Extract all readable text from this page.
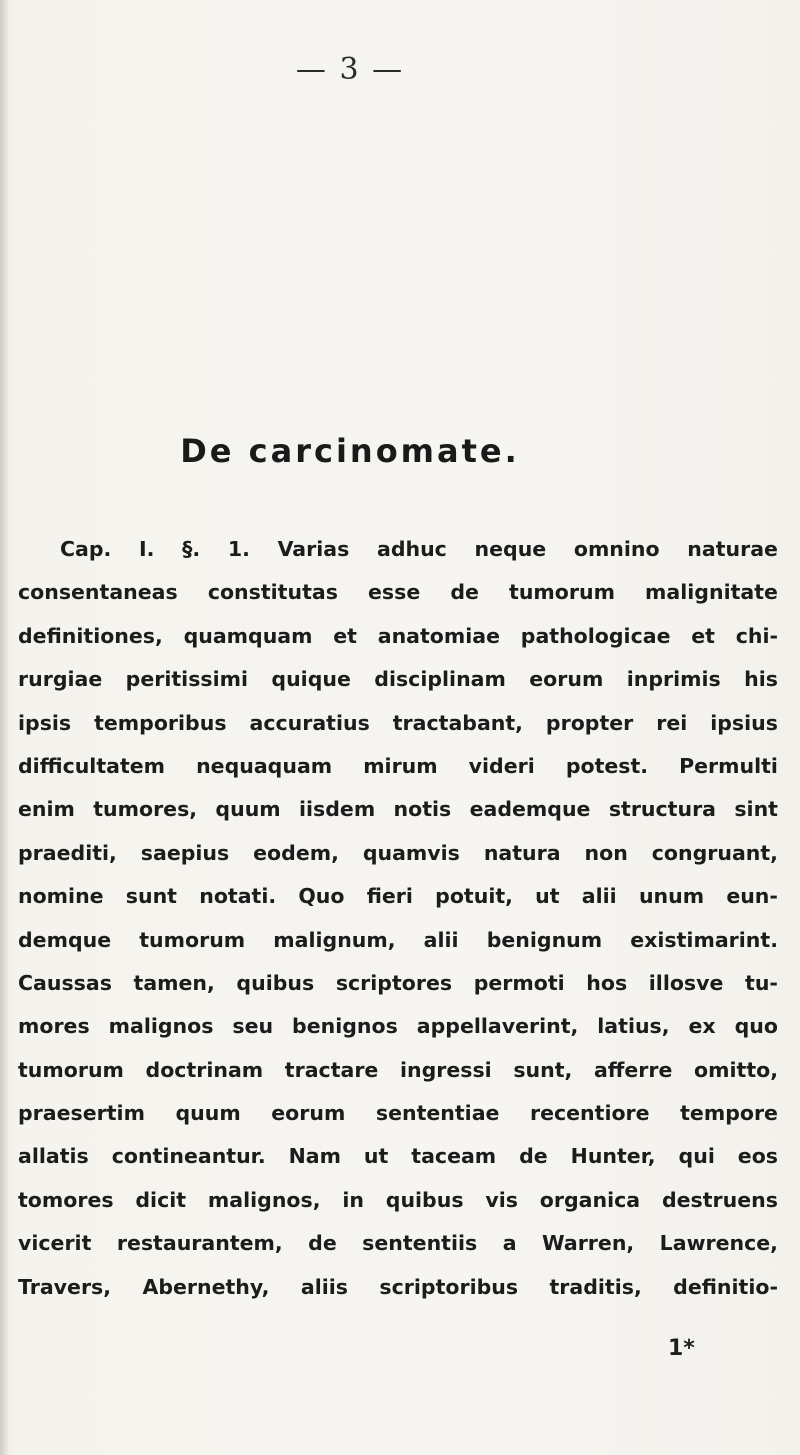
— 3 —
De carcinomate.
Cap. I. §. 1. Varias adhuc neque omnino naturae
consentaneas constitutas esse de tumorum malignitate
definitiones, quamquam et anatomiae pathologicae et chi-
rurgiae peritissimi quique disciplinam eorum inprimis his
ipsis temporibus accuratius tractabant, propter rei ipsius
difficultatem nequaquam mirum videri potest. Permulti
enim tumores, quum iisdem notis eademque structura sint
praediti, saepius eodem, quamvis natura non congruant,
nomine sunt notati. Quo fieri potuit, ut alii unum eun-
demque tumorum malignum, alii benignum existimarint.
Caussas tamen, quibus scriptores permoti hos illosve tu-
mores malignos seu benignos appellaverint, latius, ex quo
tumorum doctrinam tractare ingressi sunt, afferre omitto,
praesertim quum eorum sententiae recentiore tempore
allatis contineantur. Nam ut taceam de Hunter, qui eos
tomores dicit malignos, in quibus vis organica destruens
vicerit restaurantem, de sententiis a Warren, Lawrence,
Travers, Abernethy, aliis scriptoribus traditis, definitio-
1*
